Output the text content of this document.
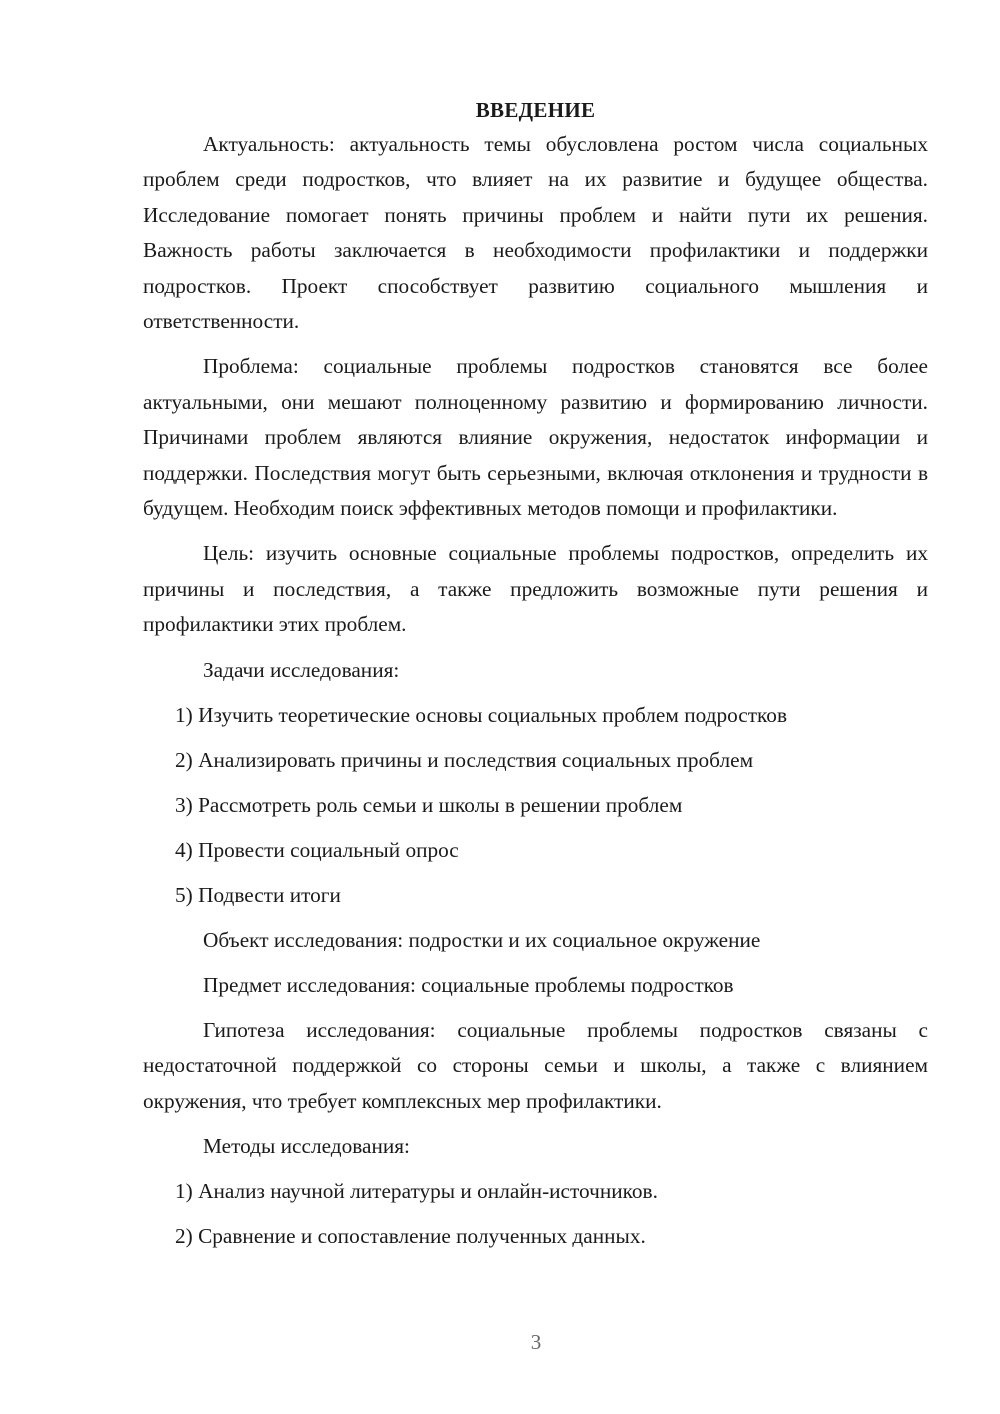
ВВЕДЕНИЕ

Актуальность: актуальность темы обусловлена ростом числа социальных проблем среди подростков, что влияет на их развитие и будущее общества. Исследование помогает понять причины проблем и найти пути их решения. Важность работы заключается в необходимости профилактики и поддержки подростков. Проект способствует развитию социального мышления и ответственности.

Проблема: социальные проблемы подростков становятся все более актуальными, они мешают полноценному развитию и формированию личности. Причинами проблем являются влияние окружения, недостаток информации и поддержки. Последствия могут быть серьезными, включая отклонения и трудности в будущем. Необходим поиск эффективных методов помощи и профилактики.

Цель: изучить основные социальные проблемы подростков, определить их причины и последствия, а также предложить возможные пути решения и профилактики этих проблем.

Задачи исследования:
1) Изучить теоретические основы социальных проблем подростков
2) Анализировать причины и последствия социальных проблем
3) Рассмотреть роль семьи и школы в решении проблем
4) Провести социальный опрос
5) Подвести итоги
Объект исследования: подростки и их социальное окружение
Предмет исследования: социальные проблемы подростков

Гипотеза исследования: социальные проблемы подростков связаны с недостаточной поддержкой со стороны семьи и школы, а также с влиянием окружения, что требует комплексных мер профилактики.

Методы исследования:
1) Анализ научной литературы и онлайн-источников.
2) Сравнение и сопоставление полученных данных.
3
